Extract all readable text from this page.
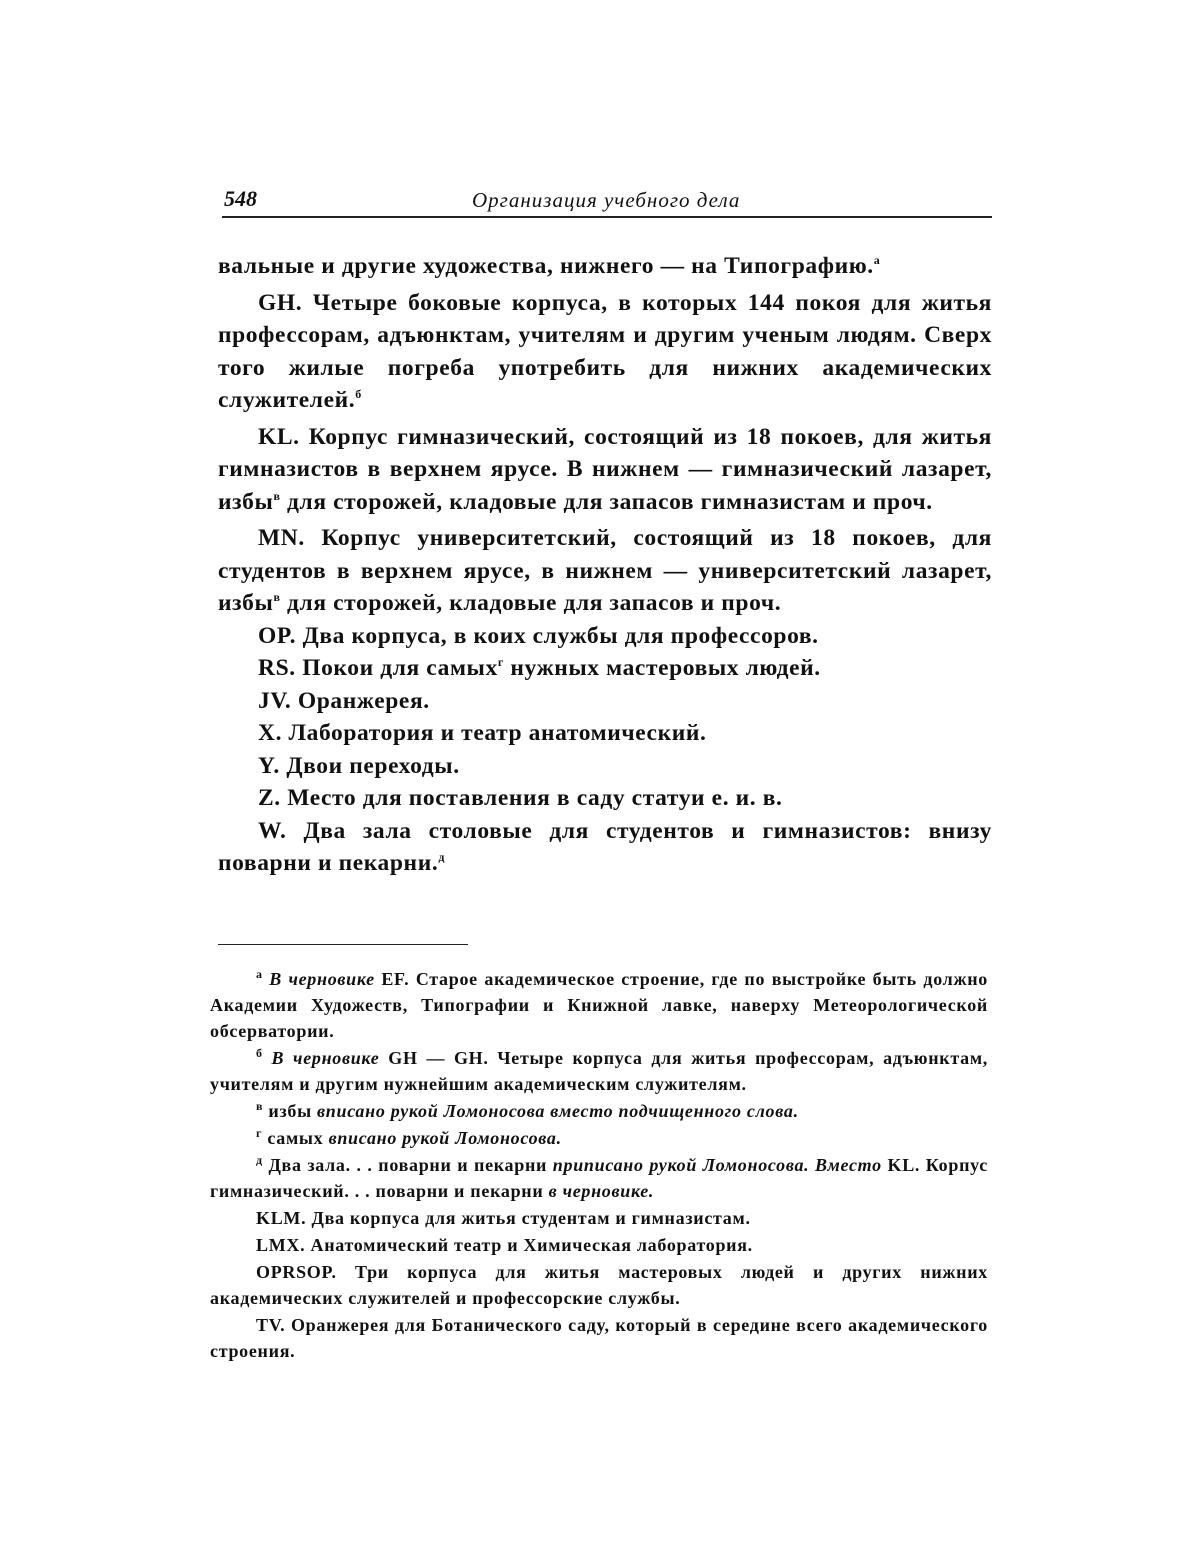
548	Организация учебного дела

вальные и другие художества, нижнего — на Типографию.$^а$

GH. Четыре боковые корпуса, в которых 144 покоя для житья профессорам, адъюнктам, учителям и другим ученым людям. Сверх того жилые погреба употребить для нижних академических служителей.$^б$

KL. Корпус гимназический, состоящий из 18 покоев, для житья гимназистов в верхнем ярусе. В нижнем — гимназический лазарет, избы$^в$ для сторожей, кладовые для запасов гимназистам и проч.

MN. Корпус университетский, состоящий из 18 покоев, для студентов в верхнем ярусе, в нижнем — университетский лазарет, избы$^в$ для сторожей, кладовые для запасов и проч.

OP. Два корпуса, в коих службы для профессоров.

RS. Покои для самых$^г$ нужных мастеровых людей.

JV. Оранжерея.

X. Лаборатория и театр анатомический.

Y. Двои переходы.

Z. Место для поставления в саду статуи е. и. в.

W. Два зала столовые для студентов и гимназистов: внизу поварни и пекарни.$^д$

$^а$ В черновике EF. Старое академическое строение, где по выстройке быть должно Академии Художеств, Типографии и Книжной лавке, наверху Метеорологической обсерватории.

$^б$ В черновике GH — GH. Четыре корпуса для житья профессорам, адъюнктам, учителям и другим нужнейшим академическим служителям.

$^в$ избы вписано рукой Ломоносова вместо подчищенного слова.

$^г$ самых вписано рукой Ломоносова.

$^д$ Два зала. . . поварни и пекарни приписано рукой Ломоносова. Вместо KL. Корпус гимназический. . . поварни и пекарни в черновике.

KLM. Два корпуса для житья студентам и гимназистам.

LMX. Анатомический театр и Химическая лаборатория.

OPRSOP. Три корпуса для житья мастеровых людей и других нижних академических служителей и профессорские службы.

TV. Оранжерея для Ботанического саду, который в середине всего академического строения.
